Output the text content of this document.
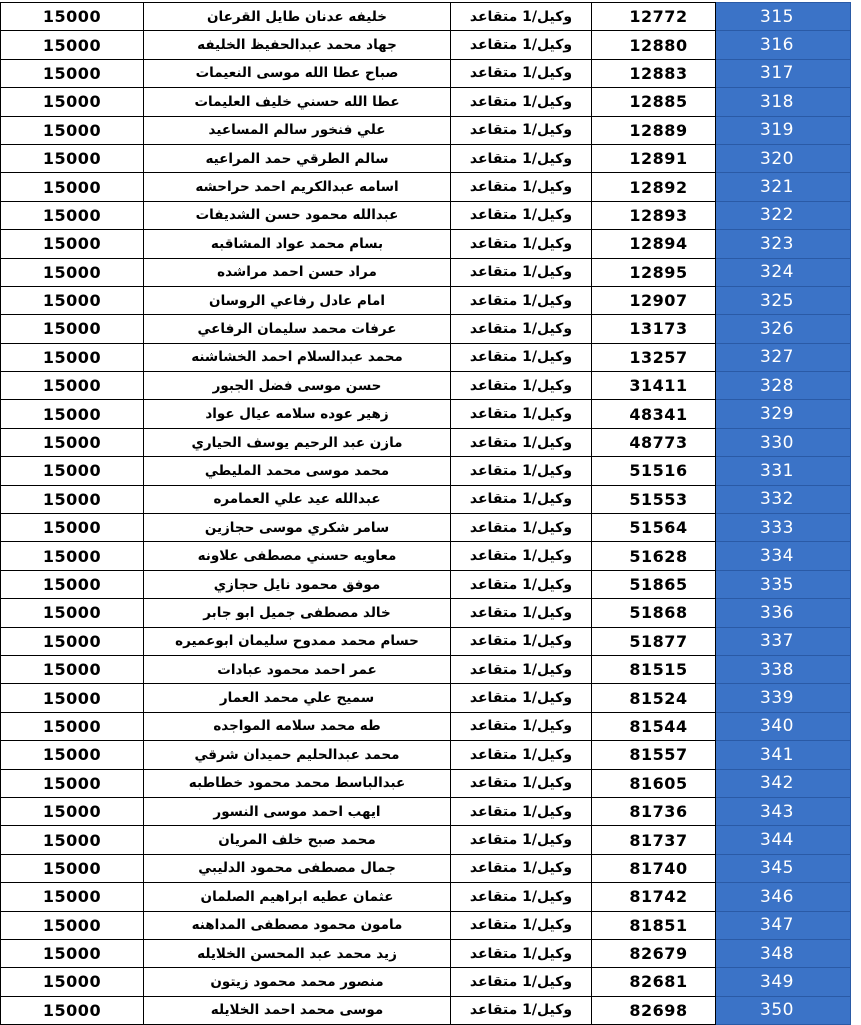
15000	خليفه عدنان طايل القرعان	وكيل/1 متقاعد	12772	315
15000	جهاد محمد عبدالحفيظ الخليفه	وكيل/1 متقاعد	12880	316
15000	صباح عطا الله موسى النعيمات	وكيل/1 متقاعد	12883	317
15000	عطا الله حسني خليف العليمات	وكيل/1 متقاعد	12885	318
15000	علي فنخور سالم المساعيد	وكيل/1 متقاعد	12889	319
15000	سالم الطرقي حمد المراعيه	وكيل/1 متقاعد	12891	320
15000	اسامه عبدالكريم احمد حراحشه	وكيل/1 متقاعد	12892	321
15000	عبدالله محمود حسن الشديفات	وكيل/1 متقاعد	12893	322
15000	بسام محمد عواد المشاقبه	وكيل/1 متقاعد	12894	323
15000	مراد حسن احمد مراشده	وكيل/1 متقاعد	12895	324
15000	امام عادل رفاعي الروسان	وكيل/1 متقاعد	12907	325
15000	عرفات محمد سليمان الرفاعي	وكيل/1 متقاعد	13173	326
15000	محمد عبدالسلام احمد الخشاشنه	وكيل/1 متقاعد	13257	327
15000	حسن موسى فضل الجبور	وكيل/1 متقاعد	31411	328
15000	زهير عوده سلامه عيال عواد	وكيل/1 متقاعد	48341	329
15000	مازن عبد الرحيم يوسف الحياري	وكيل/1 متقاعد	48773	330
15000	محمد موسى محمد المليطي	وكيل/1 متقاعد	51516	331
15000	عبدالله عيد علي العمامره	وكيل/1 متقاعد	51553	332
15000	سامر شكري موسى حجازين	وكيل/1 متقاعد	51564	333
15000	معاويه حسني مصطفى علاونه	وكيل/1 متقاعد	51628	334
15000	موفق محمود نايل حجازي	وكيل/1 متقاعد	51865	335
15000	خالد مصطفى جميل ابو جابر	وكيل/1 متقاعد	51868	336
15000	حسام محمد ممدوح سليمان ابوعميره	وكيل/1 متقاعد	51877	337
15000	عمر احمد محمود عبادات	وكيل/1 متقاعد	81515	338
15000	سميح علي محمد العمار	وكيل/1 متقاعد	81524	339
15000	طه محمد سلامه المواجده	وكيل/1 متقاعد	81544	340
15000	محمد عبدالحليم حميدان شرقي	وكيل/1 متقاعد	81557	341
15000	عبدالباسط محمد محمود خطاطبه	وكيل/1 متقاعد	81605	342
15000	ايهب احمد موسى النسور	وكيل/1 متقاعد	81736	343
15000	محمد صبح خلف المريان	وكيل/1 متقاعد	81737	344
15000	جمال مصطفى محمود الدليبي	وكيل/1 متقاعد	81740	345
15000	عثمان عطيه ابراهيم الصلمان	وكيل/1 متقاعد	81742	346
15000	مامون محمود مصطفى المداهنه	وكيل/1 متقاعد	81851	347
15000	زيد محمد عبد المحسن الخلايله	وكيل/1 متقاعد	82679	348
15000	منصور محمد محمود زيتون	وكيل/1 متقاعد	82681	349
15000	موسى محمد احمد الخلايله	وكيل/1 متقاعد	82698	350
